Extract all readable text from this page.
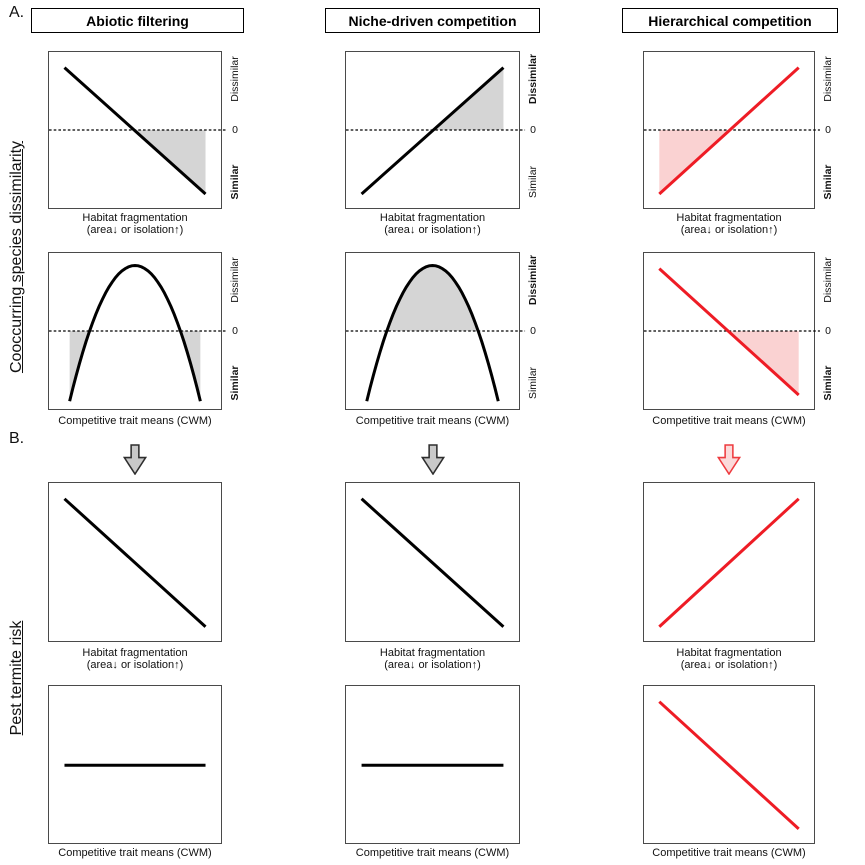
A.
B.
Abiotic filtering	Niche-driven competition	Hierarchical competition
Cooccurring species dissimilarity
Pest termite risk
Dissimilar
0
Similar
Dissimilar
0
Similar
Dissimilar
0
Similar
Habitat fragmentation
(area↓ or isolation↑)
Habitat fragmentation
(area↓ or isolation↑)
Habitat fragmentation
(area↓ or isolation↑)
Dissimilar
0
Similar
Dissimilar
0
Similar
Dissimilar
0
Similar
Competitive trait means (CWM)	Competitive trait means (CWM)	Competitive trait means (CWM)
Habitat fragmentation
(area↓ or isolation↑)
Habitat fragmentation
(area↓ or isolation↑)
Habitat fragmentation
(area↓ or isolation↑)
Competitive trait means (CWM)	Competitive trait means (CWM)	Competitive trait means (CWM)
